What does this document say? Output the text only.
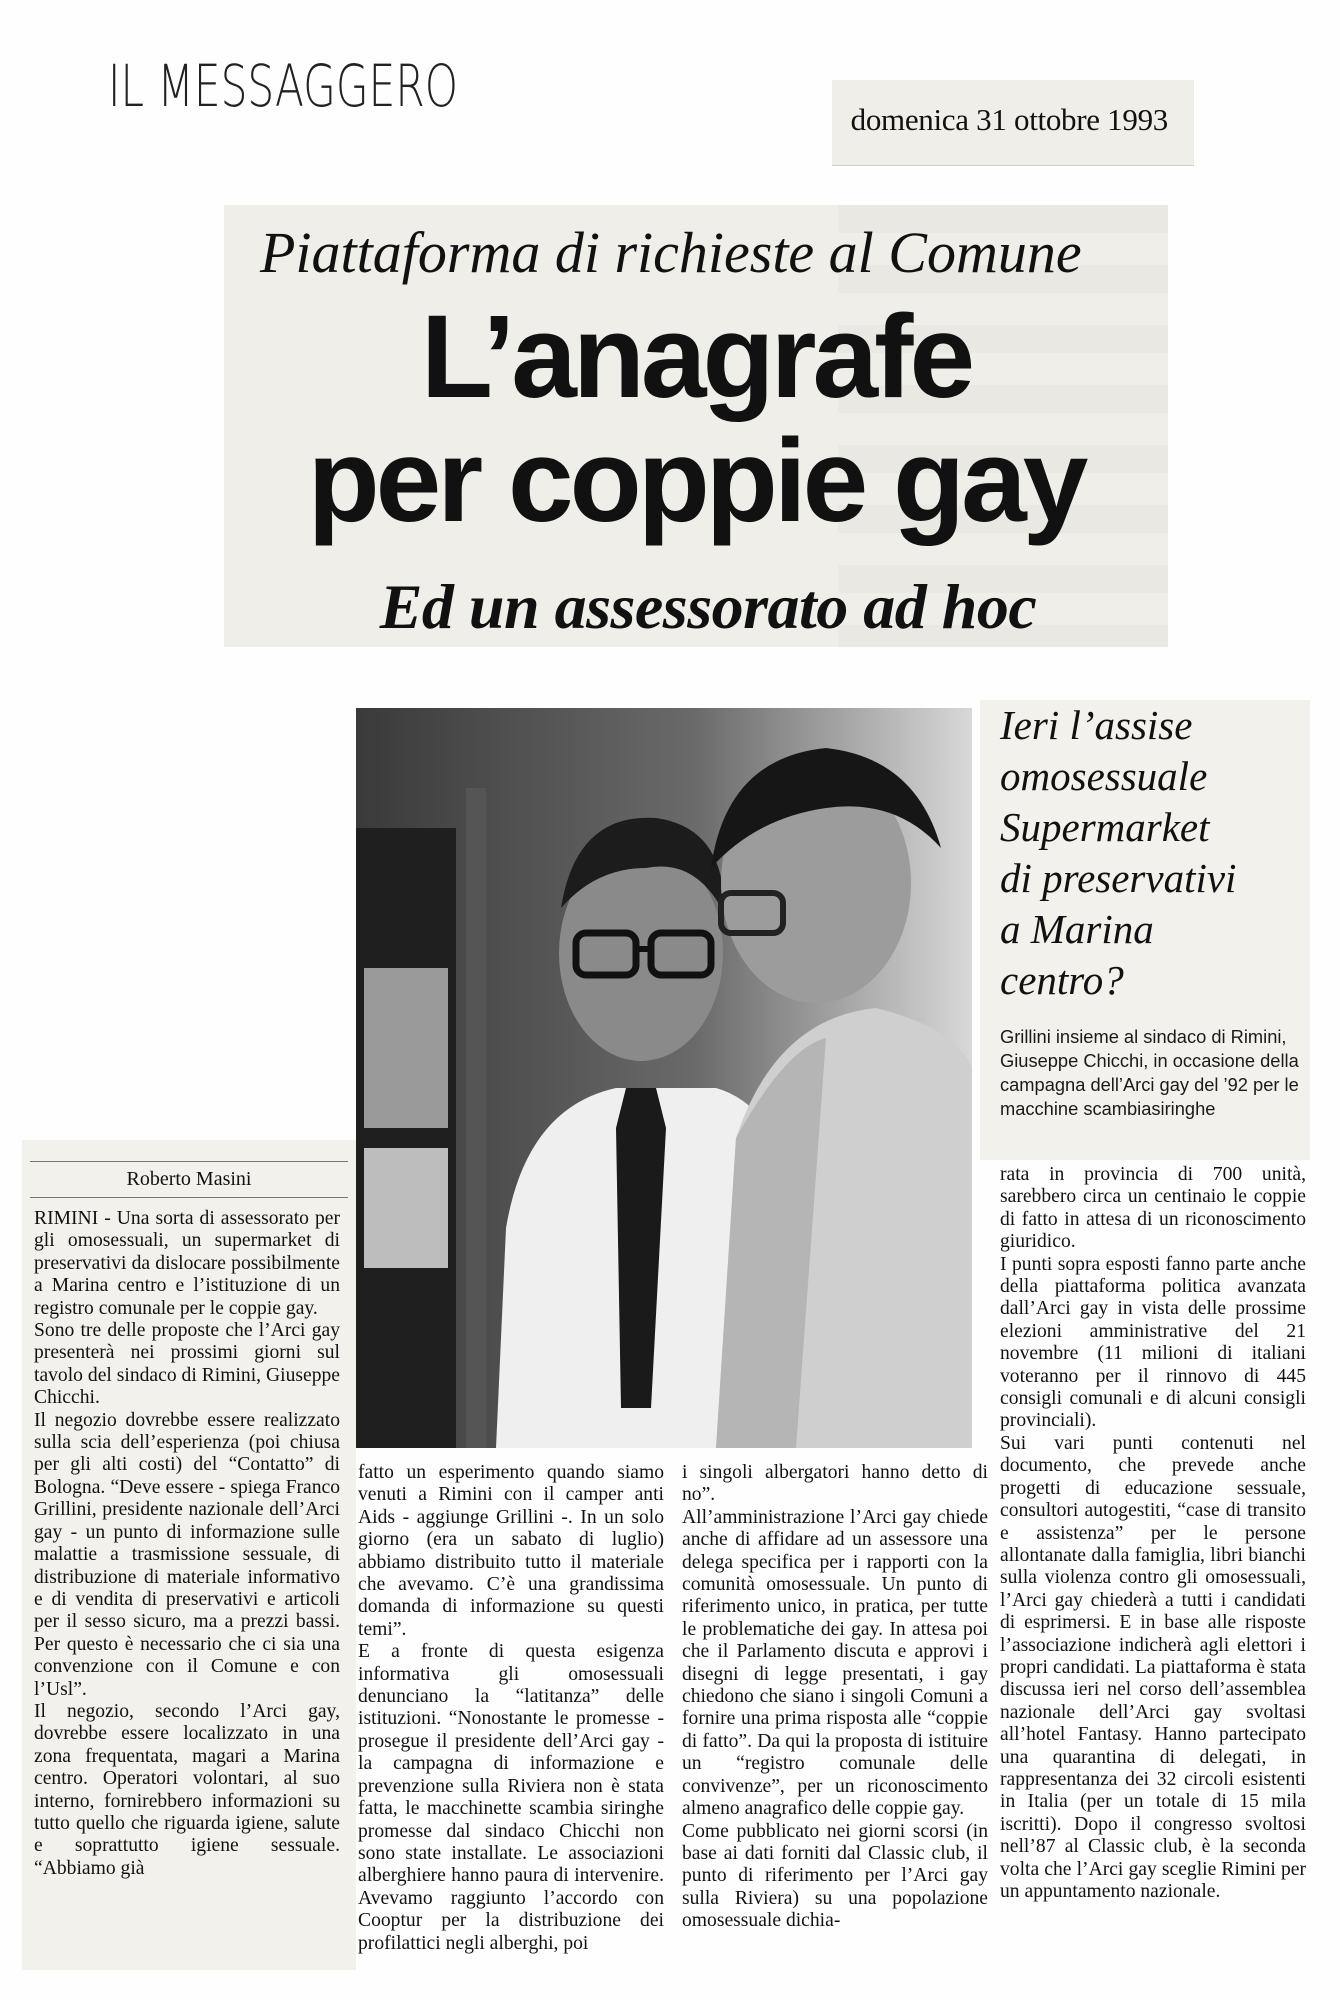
IL MESSAGGERO	domenica 31 ottobre 1993
Piattaforma di richieste al Comune
L’anagrafe
per coppie gay
Ed un assessorato ad hoc
Ieri l’assise
omosessuale
Supermarket
di preservativi
a Marina
centro?
Grillini insieme al sindaco di Rimini, Giuseppe Chicchi, in occasione della campagna dell’Arci gay del ’92 per le macchine scambiasiringhe
Roberto Masini

RIMINI - Una sorta di assessorato per gli omosessuali, un supermarket di preservativi da dislocare possibilmente a Marina centro e l’istituzione di un registro comunale per le coppie gay.

Sono tre delle proposte che l’Arci gay presenterà nei prossimi giorni sul tavolo del sindaco di Rimini, Giuseppe Chicchi.

Il negozio dovrebbe essere realizzato sulla scia dell’esperienza (poi chiusa per gli alti costi) del “Contatto” di Bologna. “Deve essere - spiega Franco Grillini, presidente nazionale dell’Arci gay - un punto di informazione sulle malattie a trasmissione sessuale, di distribuzione di materiale informativo e di vendita di preservativi e articoli per il sesso sicuro, ma a prezzi bassi. Per questo è necessario che ci sia una convenzione con il Comune e con l’Usl”.

Il negozio, secondo l’Arci gay, dovrebbe essere localizzato in una zona frequentata, magari a Marina centro. Operatori volontari, al suo interno, fornirebbero informazioni su tutto quello che riguarda igiene, salute e soprattutto igiene sessuale. “Abbiamo già

fatto un esperimento quando siamo venuti a Rimini con il camper anti Aids - aggiunge Grillini -. In un solo giorno (era un sabato di luglio) abbiamo distribuito tutto il materiale che avevamo. C’è una grandissima domanda di informazione su questi temi”.

E a fronte di questa esigenza informativa gli omosessuali denunciano la “latitanza” delle istituzioni. “Nonostante le promesse - prosegue il presidente dell’Arci gay - la campagna di informazione e prevenzione sulla Riviera non è stata fatta, le macchinette scambia siringhe promesse dal sindaco Chicchi non sono state installate. Le associazioni alberghiere hanno paura di intervenire. Avevamo raggiunto l’accordo con Cooptur per la distribuzione dei profilattici negli alberghi, poi

i singoli albergatori hanno detto di no”.

All’amministrazione l’Arci gay chiede anche di affidare ad un assessore una delega specifica per i rapporti con la comunità omosessuale. Un punto di riferimento unico, in pratica, per tutte le problematiche dei gay. In attesa poi che il Parlamento discuta e approvi i disegni di legge presentati, i gay chiedono che siano i singoli Comuni a fornire una prima risposta alle “coppie di fatto”. Da qui la proposta di istituire un “registro comunale delle convivenze”, per un riconoscimento almeno anagrafico delle coppie gay.

Come pubblicato nei giorni scorsi (in base ai dati forniti dal Classic club, il punto di riferimento per l’Arci gay sulla Riviera) su una popolazione omosessuale dichia-

rata in provincia di 700 unità, sarebbero circa un centinaio le coppie di fatto in attesa di un riconoscimento giuridico.

I punti sopra esposti fanno parte anche della piattaforma politica avanzata dall’Arci gay in vista delle prossime elezioni amministrative del 21 novembre (11 milioni di italiani voteranno per il rinnovo di 445 consigli comunali e di alcuni consigli provinciali).

Sui vari punti contenuti nel documento, che prevede anche progetti di educazione sessuale, consultori autogestiti, “case di transito e assistenza” per le persone allontanate dalla famiglia, libri bianchi sulla violenza contro gli omosessuali, l’Arci gay chiederà a tutti i candidati di esprimersi. E in base alle risposte l’associazione indicherà agli elettori i propri candidati. La piattaforma è stata discussa ieri nel corso dell’assemblea nazionale dell’Arci gay svoltasi all’hotel Fantasy. Hanno partecipato una quarantina di delegati, in rappresentanza dei 32 circoli esistenti in Italia (per un totale di 15 mila iscritti). Dopo il congresso svoltosi nell’87 al Classic club, è la seconda volta che l’Arci gay sceglie Rimini per un appuntamento nazionale.
